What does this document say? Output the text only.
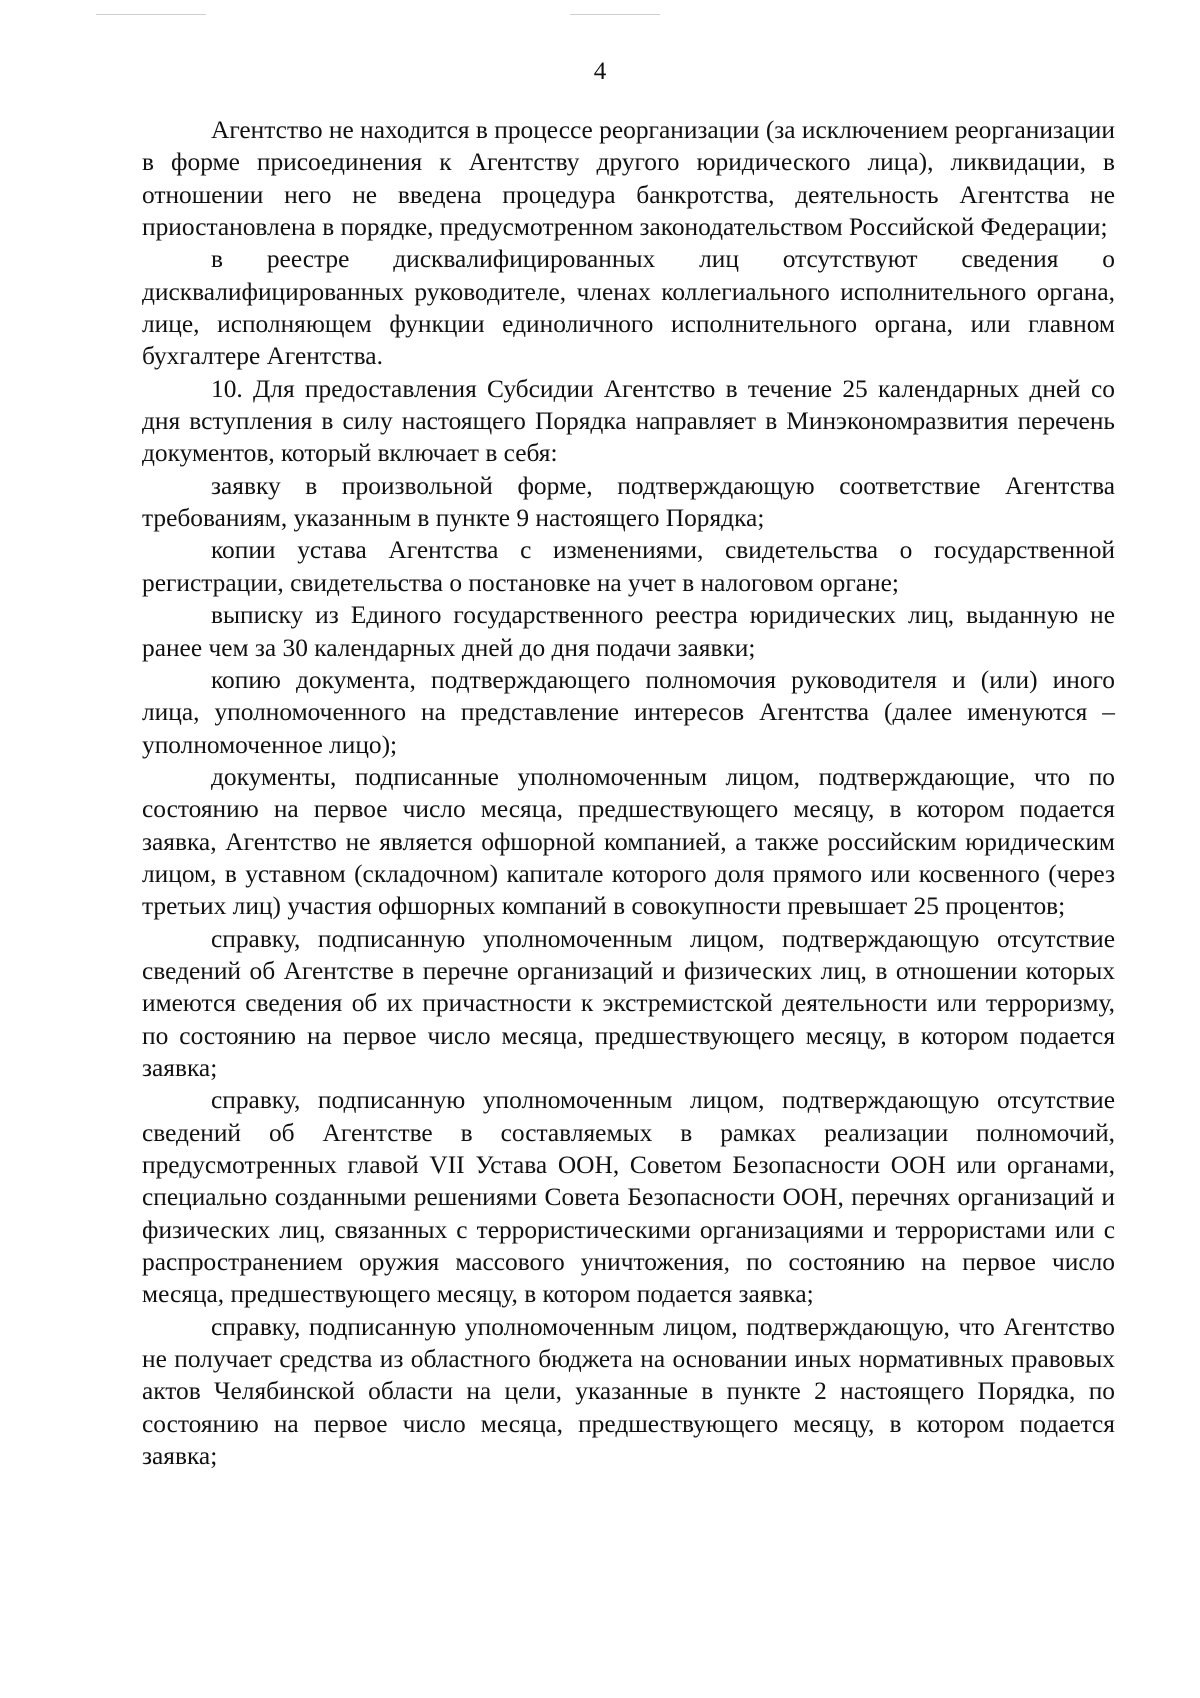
4

Агентство не находится в процессе реорганизации (за исключением реорганизации в форме присоединения к Агентству другого юридического лица), ликвидации, в отношении него не введена процедура банкротства, деятельность Агентства не приостановлена в порядке, предусмотренном законодательством Российской Федерации;

в реестре дисквалифицированных лиц отсутствуют сведения о дисквалифицированных руководителе, членах коллегиального исполнительного органа, лице, исполняющем функции единоличного исполнительного органа, или главном бухгалтере Агентства.

10. Для предоставления Субсидии Агентство в течение 25 календарных дней со дня вступления в силу настоящего Порядка направляет в Минэкономразвития перечень документов, который включает в себя:

заявку в произвольной форме, подтверждающую соответствие Агентства требованиям, указанным в пункте 9 настоящего Порядка;

копии устава Агентства с изменениями, свидетельства о государственной регистрации, свидетельства о постановке на учет в налоговом органе;

выписку из Единого государственного реестра юридических лиц, выданную не ранее чем за 30 календарных дней до дня подачи заявки;

копию документа, подтверждающего полномочия руководителя и (или) иного лица, уполномоченного на представление интересов Агентства (далее именуются – уполномоченное лицо);

документы, подписанные уполномоченным лицом, подтверждающие, что по состоянию на первое число месяца, предшествующего месяцу, в котором подается заявка, Агентство не является офшорной компанией, а также российским юридическим лицом, в уставном (складочном) капитале которого доля прямого или косвенного (через третьих лиц) участия офшорных компаний в совокупности превышает 25 процентов;

справку, подписанную уполномоченным лицом, подтверждающую отсутствие сведений об Агентстве в перечне организаций и физических лиц, в отношении которых имеются сведения об их причастности к экстремистской деятельности или терроризму, по состоянию на первое число месяца, предшествующего месяцу, в котором подается заявка;

справку, подписанную уполномоченным лицом, подтверждающую отсутствие сведений об Агентстве в составляемых в рамках реализации полномочий, предусмотренных главой VII Устава ООН, Советом Безопасности ООН или органами, специально созданными решениями Совета Безопасности ООН, перечнях организаций и физических лиц, связанных с террористическими организациями и террористами или с распространением оружия массового уничтожения, по состоянию на первое число месяца, предшествующего месяцу, в котором подается заявка;

справку, подписанную уполномоченным лицом, подтверждающую, что Агентство не получает средства из областного бюджета на основании иных нормативных правовых актов Челябинской области на цели, указанные в пункте 2 настоящего Порядка, по состоянию на первое число месяца, предшествующего месяцу, в котором подается заявка;
